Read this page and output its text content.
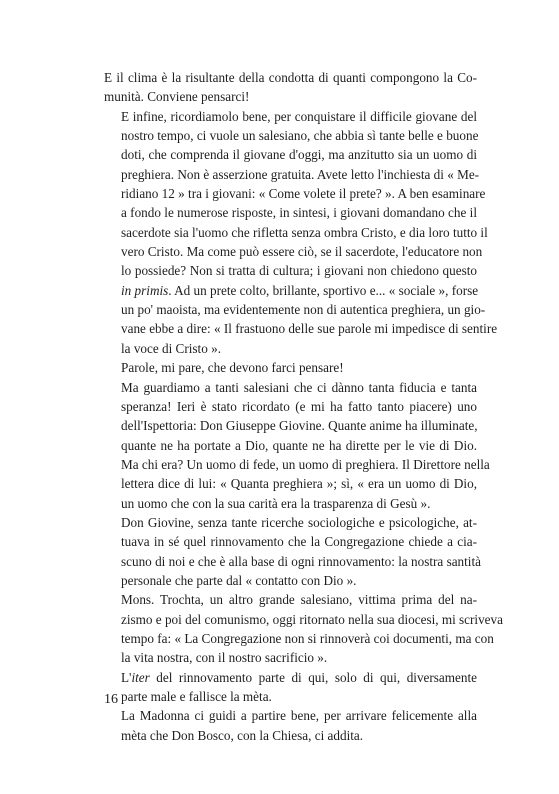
E il clima è la risultante della condotta di quanti compongono la Co-
munità. Conviene pensarci!

E infine, ricordiamolo bene, per conquistare il difficile giovane del
nostro tempo, ci vuole un salesiano, che abbia sì tante belle e buone
doti, che comprenda il giovane d'oggi, ma anzitutto sia un uomo di
preghiera. Non è asserzione gratuita. Avete letto l'inchiesta di « Me-
ridiano 12 » tra i giovani: « Come volete il prete? ». A ben esaminare
a fondo le numerose risposte, in sintesi, i giovani domandano che il
sacerdote sia l'uomo che rifletta senza ombra Cristo, e dia loro tutto il
vero Cristo. Ma come può essere ciò, se il sacerdote, l'educatore non
lo possiede? Non si tratta di cultura; i giovani non chiedono questo
in primis. Ad un prete colto, brillante, sportivo e... « sociale », forse
un po' maoista, ma evidentemente non di autentica preghiera, un gio-
vane ebbe a dire: « Il frastuono delle sue parole mi impedisce di sentire
la voce di Cristo ».

Parole, mi pare, che devono farci pensare!

Ma guardiamo a tanti salesiani che ci dànno tanta fiducia e tanta
speranza! Ieri è stato ricordato (e mi ha fatto tanto piacere) uno
dell'Ispettoria: Don Giuseppe Giovine. Quante anime ha illuminate,
quante ne ha portate a Dio, quante ne ha dirette per le vie di Dio.
Ma chi era? Un uomo di fede, un uomo di preghiera. Il Direttore nella
lettera dice di lui: « Quanta preghiera »; sì, « era un uomo di Dio,
un uomo che con la sua carità era la trasparenza di Gesù ».

Don Giovine, senza tante ricerche sociologiche e psicologiche, at-
tuava in sé quel rinnovamento che la Congregazione chiede a cia-
scuno di noi e che è alla base di ogni rinnovamento: la nostra santità
personale che parte dal « contatto con Dio ».

Mons. Trochta, un altro grande salesiano, vittima prima del na-
zismo e poi del comunismo, oggi ritornato nella sua diocesi, mi scriveva
tempo fa: « La Congregazione non si rinnoverà coi documenti, ma con
la vita nostra, con il nostro sacrificio ».

L'iter del rinnovamento parte di qui, solo di qui, diversamente
parte male e fallisce la mèta.

La Madonna ci guidi a partire bene, per arrivare felicemente alla
mèta che Don Bosco, con la Chiesa, ci addita.

16
